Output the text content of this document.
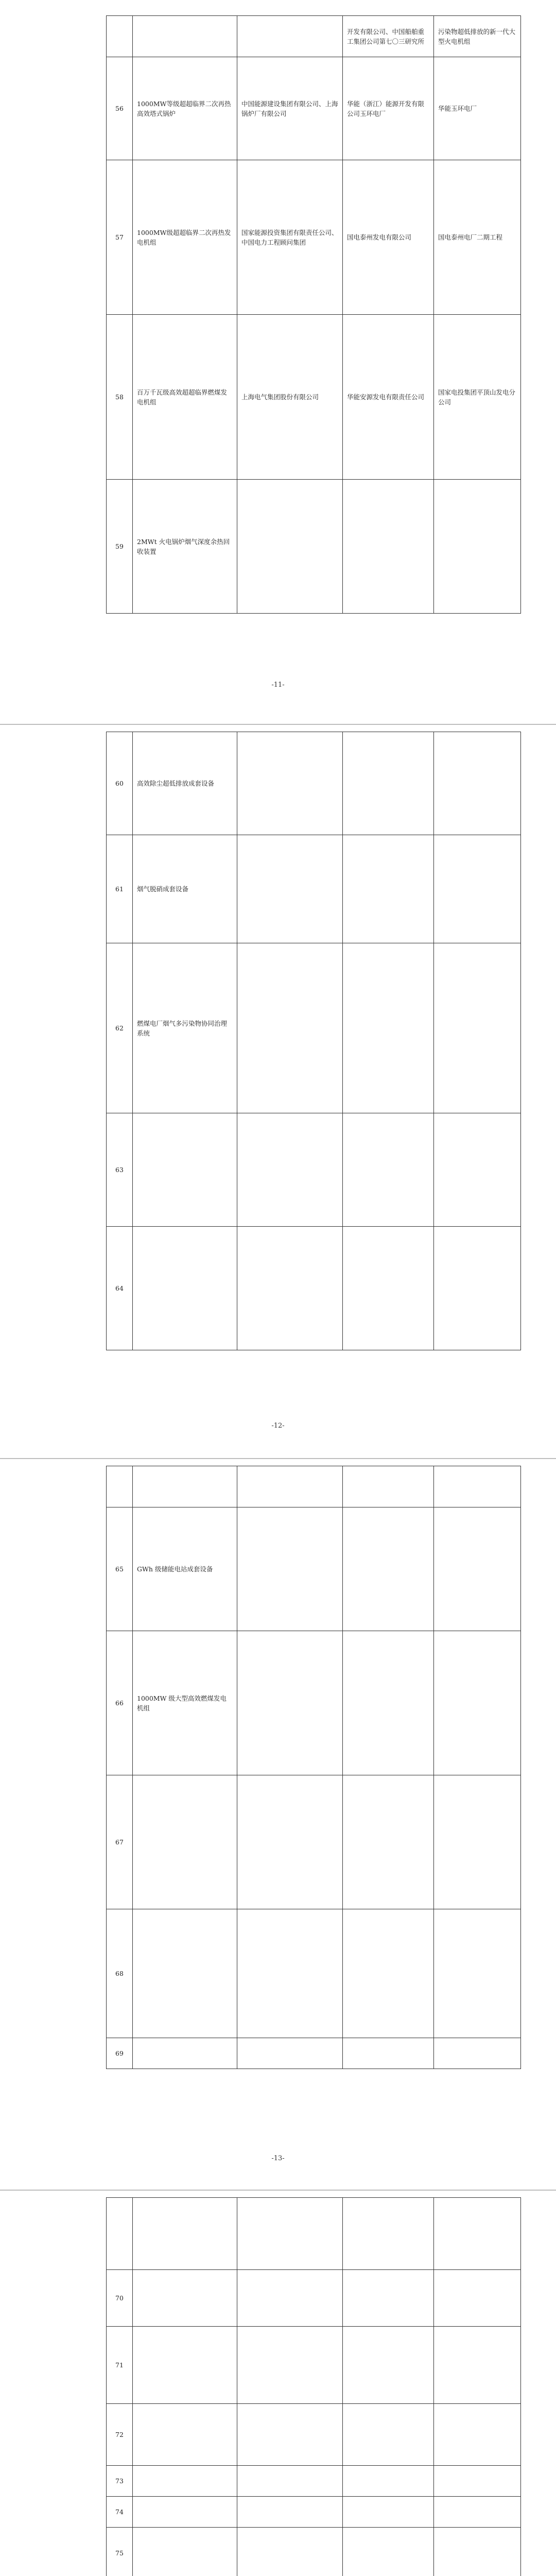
			开发有限公司、中国船舶重工集团公司第七〇三研究所	污染物超低排放的新一代大型火电机组
56	1000MW等级超超临界二次再热高效塔式锅炉	中国能源建设集团有限公司、上海锅炉厂有限公司	华能（浙江）能源开发有限公司玉环电厂	华能玉环电厂
57	1000MW级超超临界二次再热发电机组	国家能源投资集团有限责任公司、中国电力工程顾问集团	国电泰州发电有限公司	国电泰州电厂二期工程
58	百万千瓦级高效超超临界燃煤发电机组	上海电气集团股份有限公司	华能安源发电有限责任公司	国家电投集团平顶山发电分公司
59	2MWt 火电锅炉烟气深度余热回收装置			
-11-
60	高效除尘超低排放成套设备			
61	烟气脱硝成套设备			
62	燃煤电厂烟气多污染物协同治理系统			
63				
64				
-12-

65	GWh 级储能电站成套设备			
66	1000MW 级大型高效燃煤发电机组			
67				
68				
69				
-13-

70				
71				
72				
73				
74				
75				
